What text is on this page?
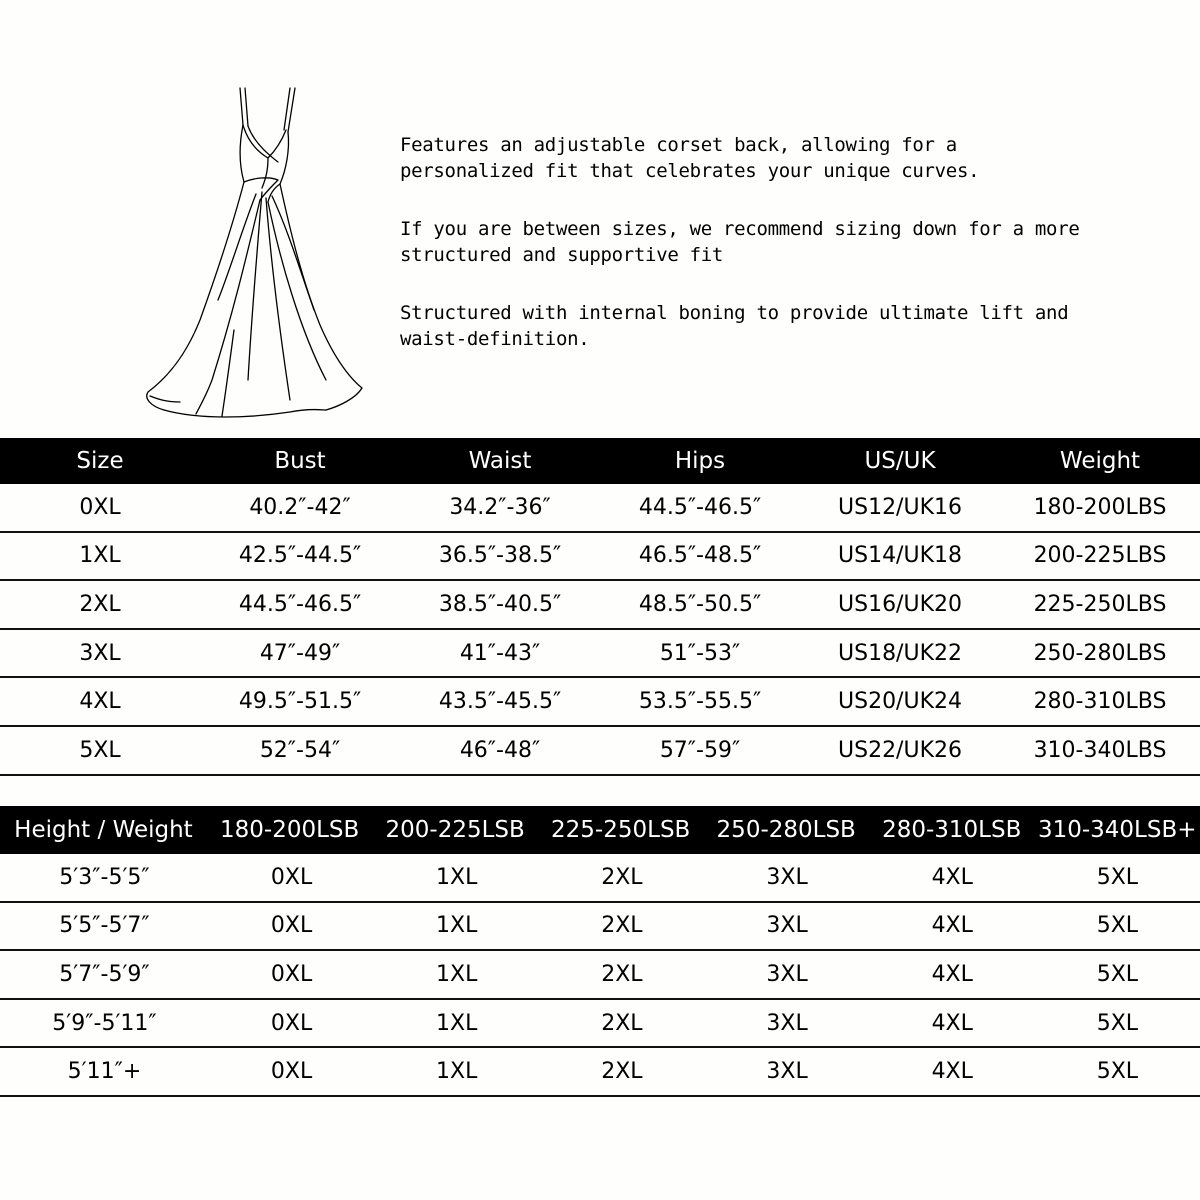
Features an adjustable corset back, allowing for a personalized fit that celebrates your unique curves.

If you are between sizes, we recommend sizing down for a more structured and supportive fit

Structured with internal boning to provide ultimate lift and waist-definition.

Size	Bust	Waist	Hips	US/UK	Weight
0XL	40.2″-42″	34.2″-36″	44.5″-46.5″	US12/UK16	180-200LBS
1XL	42.5″-44.5″	36.5″-38.5″	46.5″-48.5″	US14/UK18	200-225LBS
2XL	44.5″-46.5″	38.5″-40.5″	48.5″-50.5″	US16/UK20	225-250LBS
3XL	47″-49″	41″-43″	51″-53″	US18/UK22	250-280LBS
4XL	49.5″-51.5″	43.5″-45.5″	53.5″-55.5″	US20/UK24	280-310LBS
5XL	52″-54″	46″-48″	57″-59″	US22/UK26	310-340LBS
Height / Weight	180-200LSB	200-225LSB	225-250LSB	250-280LSB	280-310LSB 310-340LSB+
5′3″-5′5″	0XL	1XL	2XL	3XL	4XL	5XL
5′5″-5′7″	0XL	1XL	2XL	3XL	4XL	5XL
5′7″-5′9″	0XL	1XL	2XL	3XL	4XL	5XL
5′9″-5′11″	0XL	1XL	2XL	3XL	4XL	5XL
5′11″+	0XL	1XL	2XL	3XL	4XL	5XL
